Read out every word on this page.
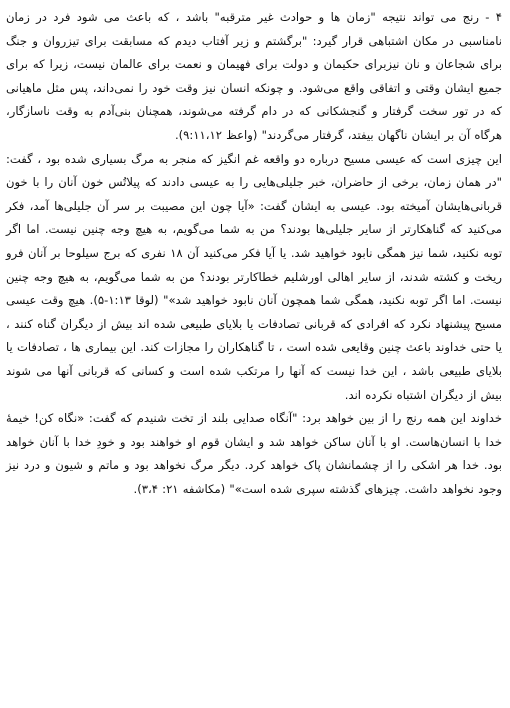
۴ - رنج می تواند نتیجه "زمان ها و حوادث غیر مترقبه" باشد ، که باعث می شود فرد در زمان نامناسبی در مکان اشتباهی قرار گیرد: "برگشتم و زیر آفتاب دیدم که مسابقت برای تیزروان و جنگ برای شجاعان و نان نیزبرای حکیمان و دولت برای فهیمان و نعمت برای عالمان نیست، زیرا که برای جمیع ایشان وقتی و اتفاقی واقع می‌شود. و چونکه انسان نیز وقت خود را نمی‌داند، پس مثل ماهیانی که در تور سخت گرفتار و گنجشکانی که در دام گرفته می‌شوند، همچنان بنی‌آدم به وقت ناسازگار، هرگاه آن بر ایشان ناگهان بیفتد، گرفتار می‌گردند" (واعظ ۹:۱۱،۱۲).

این چیزی است که عیسی مسیح درباره دو واقعه غم انگیز که منجر به مرگ بسیاری شده بود ، گفت: "در همان زمان، برخی از حاضران، خبر جلیلی‌هایی را به عیسی دادند که پیلاتُس خون آنان را با خون قربانی‌هایشان آمیخته بود. عیسی به ایشان گفت: «آیا چون این مصیبت بر سر آن جلیلی‌ها آمد، فکر می‌کنید که گناهکارتر از سایر جلیلی‌ها بودند؟ من به شما می‌گویم، به هیچ وجه چنین نیست. اما اگر توبه نکنید، شما نیز همگی نابود خواهید شد. یا آیا فکر می‌کنید آن ۱۸ نفری که برج سیلوحا بر آنان فرو ریخت و کشته شدند، از سایر اهالی اورشلیم خطاکارتر بودند؟ من به شما می‌گویم، به هیچ وجه چنین نیست. اما اگر توبه نکنید، همگی شما همچون آنان نابود خواهید شد»" (لوقا ۱:۱۳-۵). هیچ وقت عیسی مسیح پیشنهاد نکرد که افرادی که قربانی تصادفات یا بلایای طبیعی شده اند بیش از دیگران گناه کنند ، یا حتی خداوند باعث چنین وقایعی شده است ، تا گناهکاران را مجازات کند. این بیماری ها ، تصادفات یا بلایای طبیعی باشد ، این خدا نیست که آنها را مرتکب شده است و کسانی که قربانی آنها می شوند بیش از دیگران اشتباه نکرده اند.

خداوند این همه رنج را از بین خواهد برد: "آنگاه صدایی بلند از تخت شنیدم که گفت: «نگاه کن! خیمهٔ خدا با انسان‌هاست. او با آنان ساکن خواهد شد و ایشان قوم او خواهند بود و خودِ خدا با آنان خواهد بود. خدا هر اشکی را از چشمانشان پاک خواهد کرد. دیگر مرگ نخواهد بود و ماتم و شیون و درد نیز وجود نخواهد داشت. چیزهای گذشته سپری شده است»" (مکاشفه ۲۱: ۳،۴).
